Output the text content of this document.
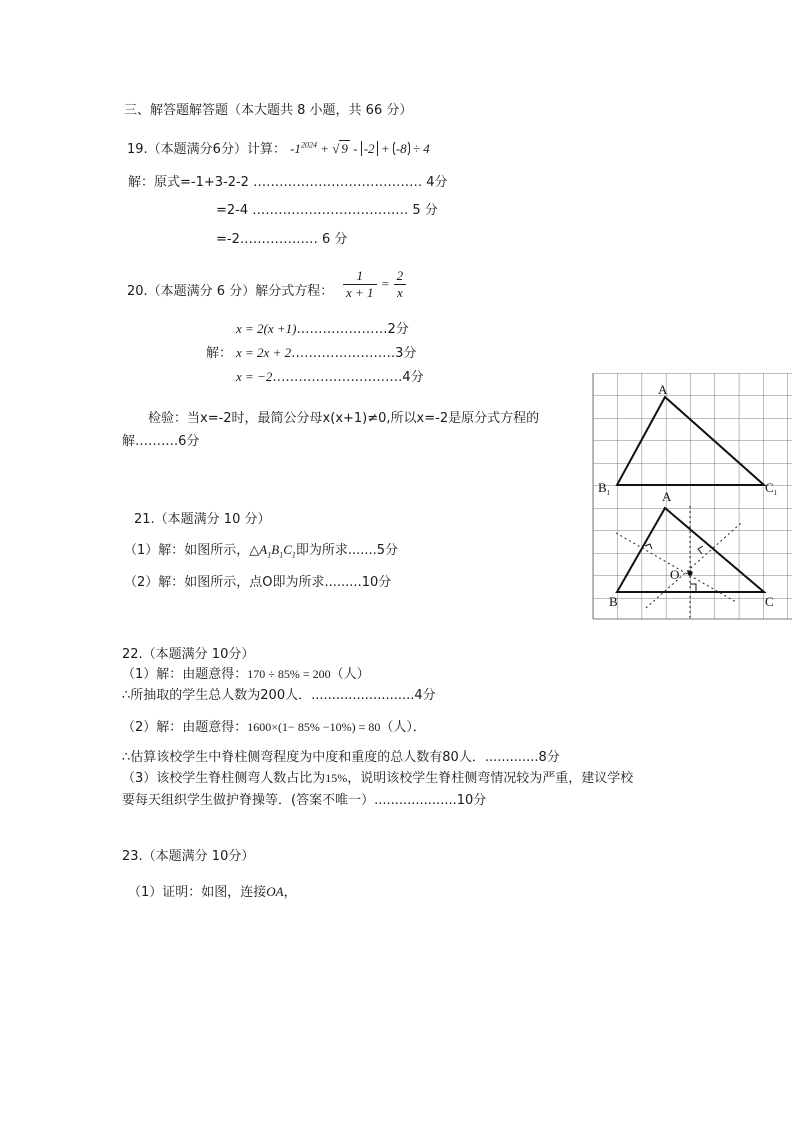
三、解答题解答题（本大题共 8 小题，共 66 分）
19.（本题满分6分）计算： $-1^{2024}$ + √ 9 - -2 + -8 ÷ 4
解：原式=-1+3-2-2 ………………………………… 4分
=2-4 ……………………………… 5 分
=-2……………… 6 分
20.（本题满分 6 分）解分式方程： $\frac{1}{x + 1} = \frac{2}{x}$
x = 2(x +1)…………………2分
解： x = 2x + 2……………………3分
x = −2…………………………4分
检验：当x=-2时，最简公分母x(x+1)≠0,所以x=-2是原分式方程的
解……….6分
21.（本题满分 10 分）
（1）解：如图所示，$\triangle A_1B_1C_1$即为所求.......5分
（2）解：如图所示，点O即为所求.........10分
A
$B_1$	$C_1$
A
B	C
O
22.（本题满分 10分）
（1）解：由题意得：170 ÷ 85% = 200（人）
∴所抽取的学生总人数为200人．.........................4分
（2）解：由题意得：1600×(1− 85% −10%) = 80（人）．
∴估算该校学生中脊柱侧弯程度为中度和重度的总人数有80人．.............8分
（3）该校学生脊柱侧弯人数占比为15%，说明该校学生脊柱侧弯情况较为严重，建议学校
要每天组织学生做护脊操等．(答案不唯一）....................10分
23.（本题满分 10分）
（1）证明：如图，连接OA，
